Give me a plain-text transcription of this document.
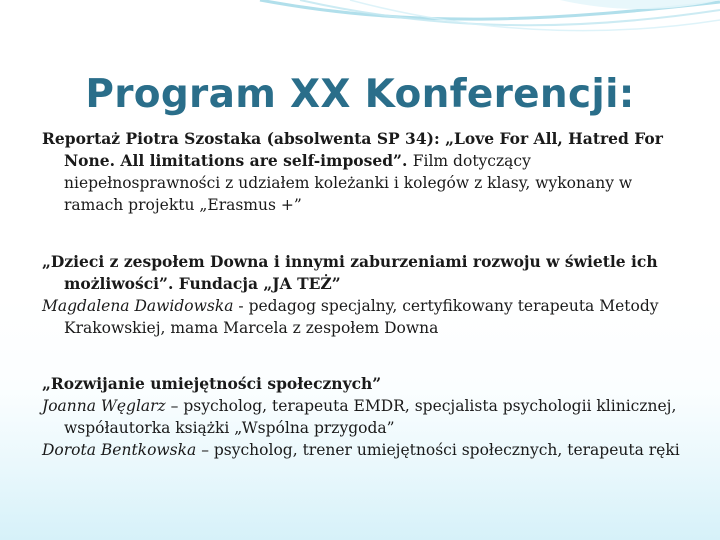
Program XX Konferencji:

Reportaż Piotra Szostaka (absolwenta SP 34): „Love For All, Hatred For None. All limitations are self-imposed”. Film dotyczący niepełnosprawności z udziałem koleżanki i kolegów z klasy, wykonany w ramach projektu „Erasmus +”

„Dzieci z zespołem Downa i innymi zaburzeniami rozwoju w świetle ich możliwości”. Fundacja „JA TEŻ”

Magdalena Dawidowska - pedagog specjalny, certyfikowany terapeuta Metody Krakowskiej, mama Marcela z zespołem Downa

„Rozwijanie umiejętności społecznych”

Joanna Węglarz – psycholog, terapeuta EMDR, specjalista psychologii klinicznej, współautorka książki „Wspólna przygoda”

Dorota Bentkowska – psycholog, trener umiejętności społecznych, terapeuta ręki
